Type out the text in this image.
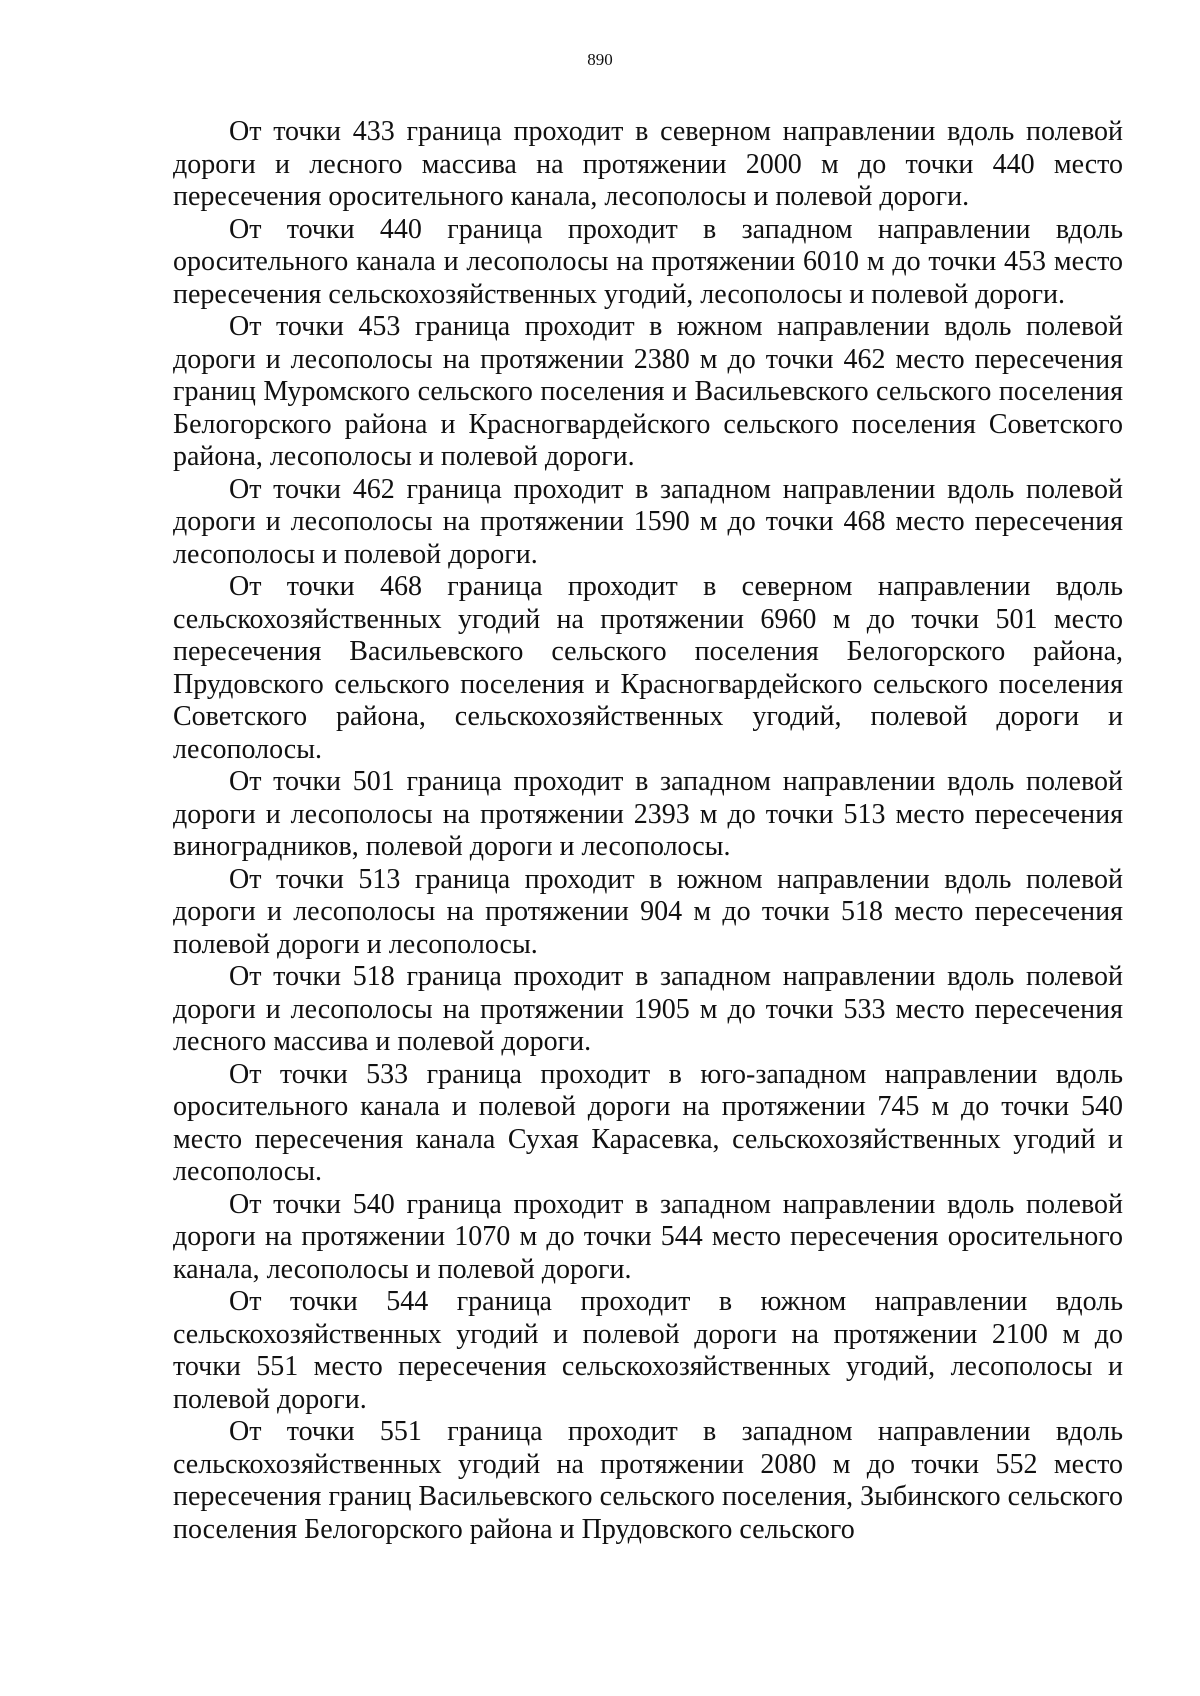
890

От точки 433 граница проходит в северном направлении вдоль полевой дороги и лесного массива на протяжении 2000 м до точки 440 место пересечения оросительного канала, лесополосы и полевой дороги.

От точки 440 граница проходит в западном направлении вдоль оросительного канала и лесополосы на протяжении 6010 м до точки 453 место пересечения сельскохозяйственных угодий, лесополосы и полевой дороги.

От точки 453 граница проходит в южном направлении вдоль полевой дороги и лесополосы на протяжении 2380 м до точки 462 место пересечения границ Муромского сельского поселения и Васильевского сельского поселения Белогорского района и Красногвардейского сельского поселения Советского района, лесополосы и полевой дороги.

От точки 462 граница проходит в западном направлении вдоль полевой дороги и лесополосы на протяжении 1590 м до точки 468 место пересечения лесополосы и полевой дороги.

От точки 468 граница проходит в северном направлении вдоль сельскохозяйственных угодий на протяжении 6960 м до точки 501 место пересечения Васильевского сельского поселения Белогорского района, Прудовского сельского поселения и Красногвардейского сельского поселения Советского района, сельскохозяйственных угодий, полевой дороги и лесополосы.

От точки 501 граница проходит в западном направлении вдоль полевой дороги и лесополосы на протяжении 2393 м до точки 513 место пересечения виноградников, полевой дороги и лесополосы.

От точки 513 граница проходит в южном направлении вдоль полевой дороги и лесополосы на протяжении 904 м до точки 518 место пересечения полевой дороги и лесополосы.

От точки 518 граница проходит в западном направлении вдоль полевой дороги и лесополосы на протяжении 1905 м до точки 533 место пересечения лесного массива и полевой дороги.

От точки 533 граница проходит в юго-западном направлении вдоль оросительного канала и полевой дороги на протяжении 745 м до точки 540 место пересечения канала Сухая Карасевка, сельскохозяйственных угодий и лесополосы.

От точки 540 граница проходит в западном направлении вдоль полевой дороги на протяжении 1070 м до точки 544 место пересечения оросительного канала, лесополосы и полевой дороги.

От точки 544 граница проходит в южном направлении вдоль сельскохозяйственных угодий и полевой дороги на протяжении 2100 м до точки 551 место пересечения сельскохозяйственных угодий, лесополосы и полевой дороги.

От точки 551 граница проходит в западном направлении вдоль сельскохозяйственных угодий на протяжении 2080 м до точки 552 место пересечения границ Васильевского сельского поселения, Зыбинского сельского поселения Белогорского района и Прудовского сельского
